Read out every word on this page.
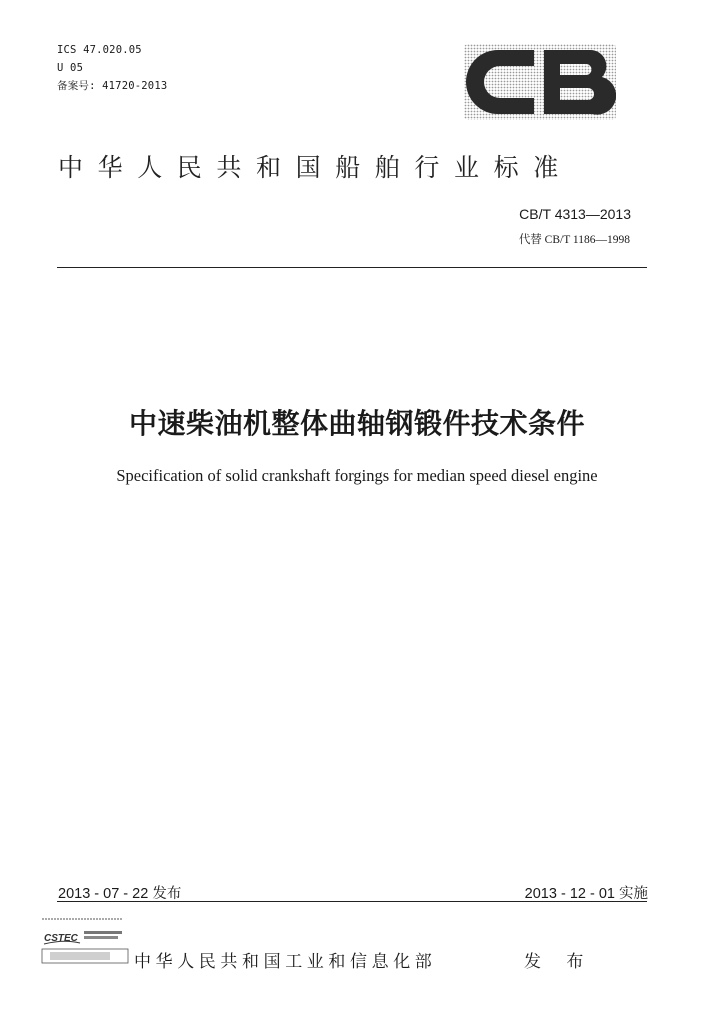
ICS 47.020.05
U 05
备案号: 41720-2013
中华人民共和国船舶行业标准
CB/T 4313—2013
代替 CB/T 1186—1998
中速柴油机整体曲轴钢锻件技术条件
Specification of solid crankshaft forgings for median speed diesel engine
2013 - 07 - 22 发布	2013 - 12 - 01 实施
CSTEC
中华人民共和国工业和信息化部	发 布
